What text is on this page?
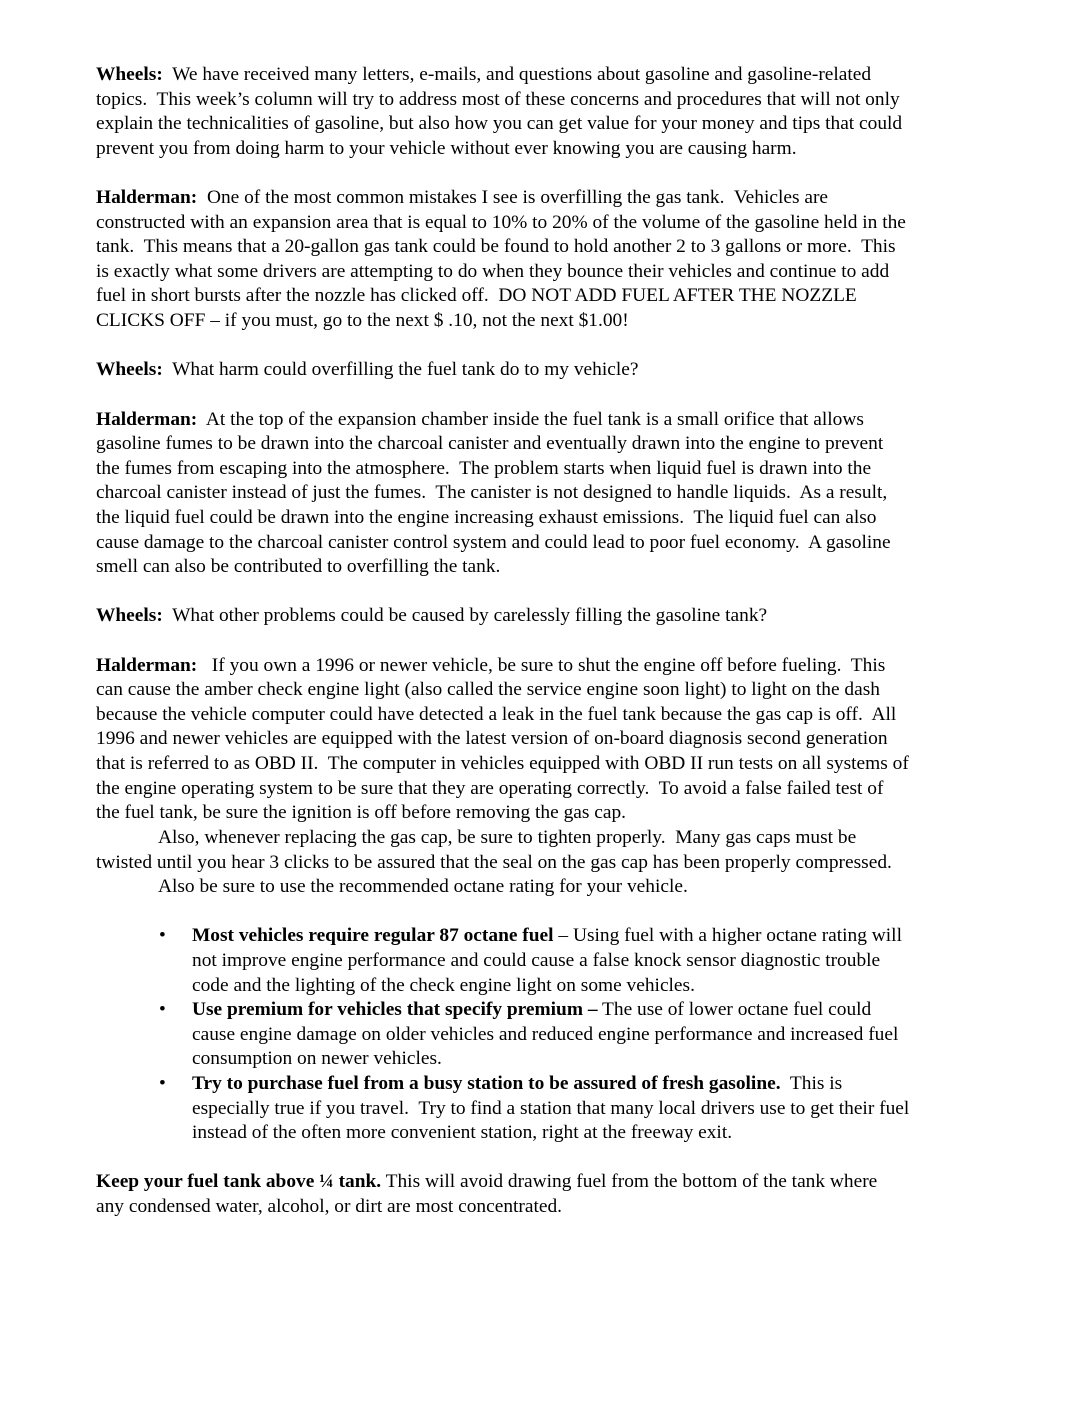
Wheels:  We have received many letters, e-mails, and questions about gasoline and gasoline-related
topics.  This week’s column will try to address most of these concerns and procedures that will not only
explain the technicalities of gasoline, but also how you can get value for your money and tips that could
prevent you from doing harm to your vehicle without ever knowing you are causing harm.
Halderman:  One of the most common mistakes I see is overfilling the gas tank.  Vehicles are
constructed with an expansion area that is equal to 10% to 20% of the volume of the gasoline held in the
tank.  This means that a 20-gallon gas tank could be found to hold another 2 to 3 gallons or more.  This
is exactly what some drivers are attempting to do when they bounce their vehicles and continue to add
fuel in short bursts after the nozzle has clicked off.  DO NOT ADD FUEL AFTER THE NOZZLE
CLICKS OFF – if you must, go to the next $ .10, not the next $1.00!
Wheels:  What harm could overfilling the fuel tank do to my vehicle?
Halderman:  At the top of the expansion chamber inside the fuel tank is a small orifice that allows
gasoline fumes to be drawn into the charcoal canister and eventually drawn into the engine to prevent
the fumes from escaping into the atmosphere.  The problem starts when liquid fuel is drawn into the
charcoal canister instead of just the fumes.  The canister is not designed to handle liquids.  As a result,
the liquid fuel could be drawn into the engine increasing exhaust emissions.  The liquid fuel can also
cause damage to the charcoal canister control system and could lead to poor fuel economy.  A gasoline
smell can also be contributed to overfilling the tank.
Wheels:  What other problems could be caused by carelessly filling the gasoline tank?
Halderman:   If you own a 1996 or newer vehicle, be sure to shut the engine off before fueling.  This
can cause the amber check engine light (also called the service engine soon light) to light on the dash
because the vehicle computer could have detected a leak in the fuel tank because the gas cap is off.  All
1996 and newer vehicles are equipped with the latest version of on-board diagnosis second generation
that is referred to as OBD II.  The computer in vehicles equipped with OBD II run tests on all systems of
the engine operating system to be sure that they are operating correctly.  To avoid a false failed test of
the fuel tank, be sure the ignition is off before removing the gas cap.
Also, whenever replacing the gas cap, be sure to tighten properly.  Many gas caps must be
twisted until you hear 3 clicks to be assured that the seal on the gas cap has been properly compressed.
Also be sure to use the recommended octane rating for your vehicle.
• Most vehicles require regular 87 octane fuel – Using fuel with a higher octane rating will
not improve engine performance and could cause a false knock sensor diagnostic trouble
code and the lighting of the check engine light on some vehicles.
• Use premium for vehicles that specify premium – The use of lower octane fuel could
cause engine damage on older vehicles and reduced engine performance and increased fuel
consumption on newer vehicles.
• Try to purchase fuel from a busy station to be assured of fresh gasoline.  This is
especially true if you travel.  Try to find a station that many local drivers use to get their fuel
instead of the often more convenient station, right at the freeway exit.
Keep your fuel tank above ¼ tank. This will avoid drawing fuel from the bottom of the tank where
any condensed water, alcohol, or dirt are most concentrated.
